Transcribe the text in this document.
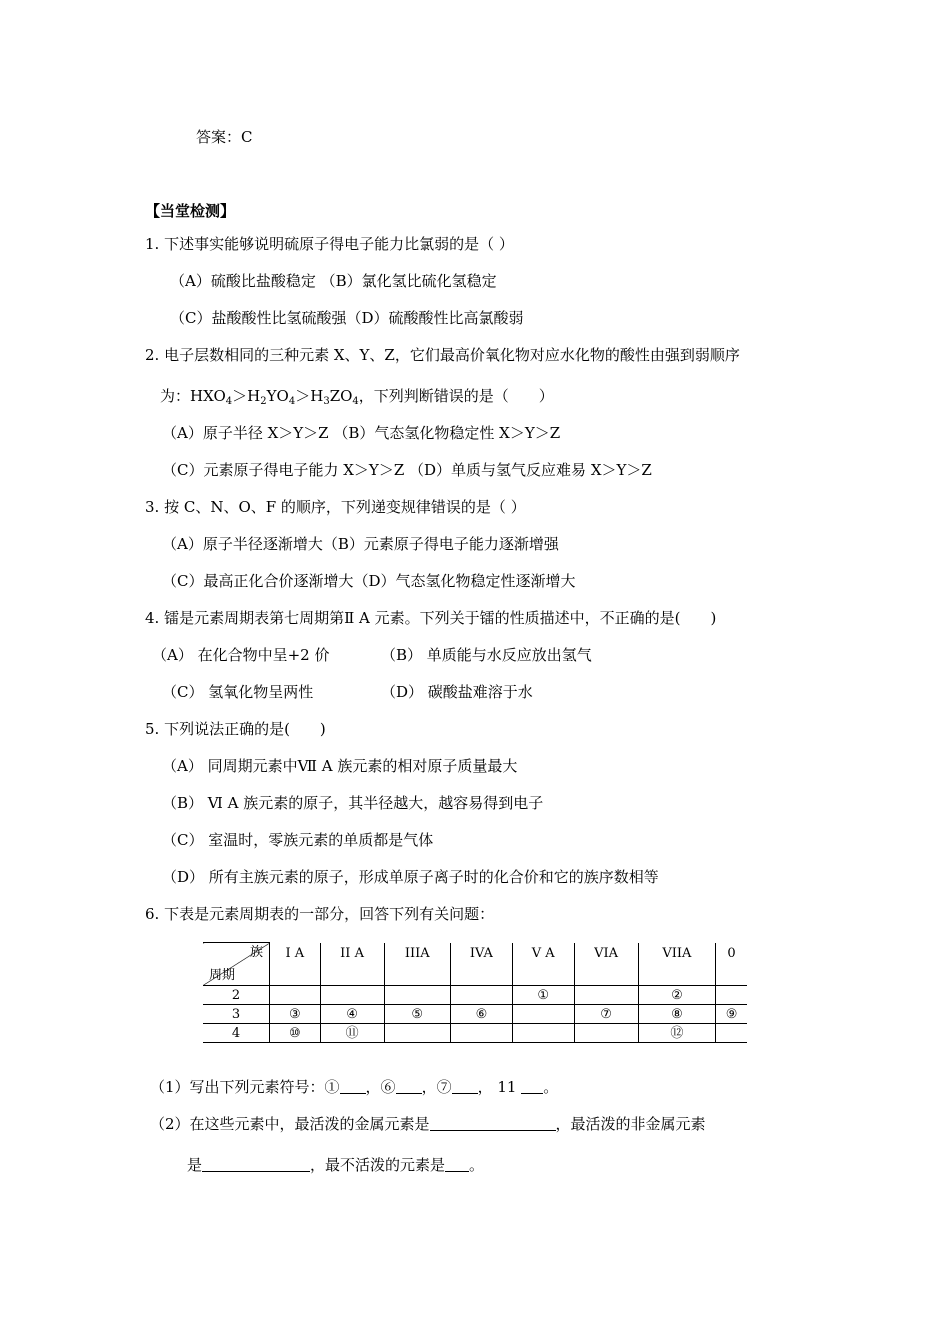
答案：C
【当堂检测】
1. 下述事实能够说明硫原子得电子能力比氯弱的是（ ）
（A）硫酸比盐酸稳定 （B）氯化氢比硫化氢稳定
（C）盐酸酸性比氢硫酸强（D）硫酸酸性比高氯酸弱
2. 电子层数相同的三种元素 X、Y、Z，它们最高价氧化物对应水化物的酸性由强到弱顺序
为：$HXO_4>H_2YO_4>H_3ZO_4$，下列判断错误的是（　　）
（A）原子半径 X＞Y＞Z （B）气态氢化物稳定性 X＞Y＞Z
（C）元素原子得电子能力 X＞Y＞Z （D）单质与氢气反应难易 X＞Y＞Z
3. 按 C、N、O、F 的顺序，下列递变规律错误的是（ ）
（A）原子半径逐渐增大（B）元素原子得电子能力逐渐增强
（C）最高正化合价逐渐增大（D）气态氢化物稳定性逐渐增大
4. 镭是元素周期表第七周期第Ⅱ A 元素。下列关于镭的性质描述中，不正确的是(　　)
（A） 在化合物中呈+2 价	（B） 单质能与水反应放出氢气
（C） 氢氧化物呈两性	（D） 碳酸盐难溶于水
5. 下列说法正确的是(　　)
（A） 同周期元素中Ⅶ A 族元素的相对原子质量最大
（B） Ⅵ A 族元素的原子，其半径越大，越容易得到电子
（C） 室温时，零族元素的单质都是气体
（D） 所有主族元素的原子，形成单原子离子时的化合价和它的族序数相等
6. 下表是元素周期表的一部分，回答下列有关问题：
族
周期	I A	II A	IIIA	IVA	V A	VIA	VIIA	0
2					①		②	
3	③	④	⑤	⑥		⑦	⑧	⑨
4	⑩	⑪					⑫	
（1）写出下列元素符号：① ，⑥ ，⑦ ， 11 。
（2）在这些元素中，最活泼的金属元素是	，最活泼的非金属元素
是	，最不活泼的元素是 。
